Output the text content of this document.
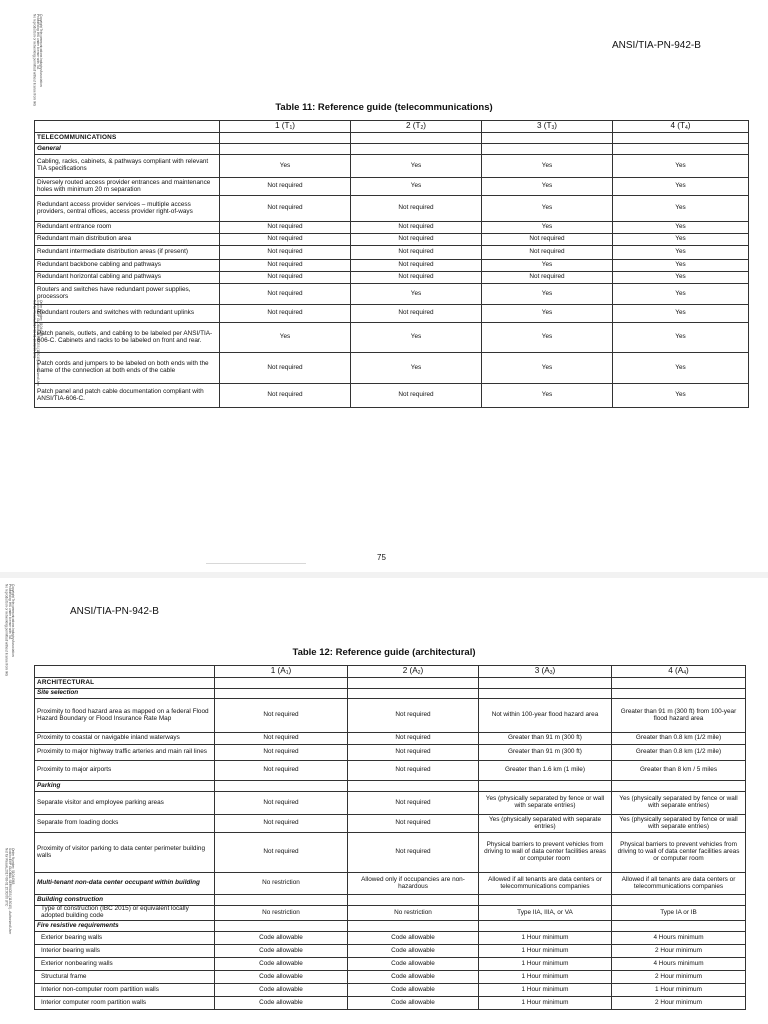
Copyright Telecommunications Industry Association
Provided by IHS under license with TIA
No reproduction or networking permitted without license from IHS
Order Number: 01044363
Sold to:EVP GLOBAL SERVICES [113010] - Authorized User
Not for Resale,2017-08-01 15:00:00 UTC
ANSI/TIA-PN-942-B
Table 11: Reference guide (telecommunications)
	1 $(T_1)$	2 $(T_2)$	3 $(T_3)$	4 $(T_4)$
TELECOMMUNICATIONS				
General				
Cabling, racks, cabinets, & pathways compliant with relevant TIA specifications	Yes	Yes	Yes	Yes
Diversely routed access provider entrances and maintenance holes with minimum 20 m separation	Not required	Yes	Yes	Yes
Redundant access provider services – multiple access providers, central offices, access provider right-of-ways	Not required	Not required	Yes	Yes
Redundant entrance room	Not required	Not required	Yes	Yes
Redundant main distribution area	Not required	Not required	Not required	Yes
Redundant intermediate distribution areas (if present)	Not required	Not required	Not required	Yes
Redundant backbone cabling and pathways	Not required	Not required	Yes	Yes
Redundant horizontal cabling and pathways	Not required	Not required	Not required	Yes
Routers and switches have redundant power supplies, processors	Not required	Yes	Yes	Yes
Redundant routers and switches with redundant uplinks	Not required	Not required	Yes	Yes
Patch panels, outlets, and cabling to be labeled per ANSI/TIA-606-C. Cabinets and racks to be labeled on front and rear.	Yes	Yes	Yes	Yes
Patch cords and jumpers to be labeled on both ends with the name of the connection at both ends of the cable	Not required	Yes	Yes	Yes
Patch panel and patch cable documentation compliant with ANSI/TIA-606-C.	Not required	Not required	Yes	Yes
75
Copyright Telecommunications Industry Association
Provided by IHS under license with TIA
No reproduction or networking permitted without license from IHS
Order Number: 01044363
Sold to:EVP GLOBAL SERVICES [113010] - Authorized User
Not for Resale,2017-08-01 15:00:00 UTC
ANSI/TIA-PN-942-B
Table 12: Reference guide (architectural)
	1 $(A_1)$	2 $(A_2)$	3 $(A_3)$	4 $(A_4)$
ARCHITECTURAL				
Site selection				
Proximity to flood hazard area as mapped on a federal Flood Hazard Boundary or Flood Insurance Rate Map	Not required	Not required	Not within 100-year flood hazard area	Greater than 91 m (300 ft) from 100-year flood hazard area
Proximity to coastal or navigable inland waterways	Not required	Not required	Greater than 91 m (300 ft)	Greater than 0.8 km (1/2 mile)
Proximity to major highway traffic arteries and main rail lines	Not required	Not required	Greater than 91 m (300 ft)	Greater than 0.8 km (1/2 mile)
Proximity to major airports	Not required	Not required	Greater than 1.6 km (1 mile)	Greater than 8 km / 5 miles
Parking				
Separate visitor and employee parking areas	Not required	Not required	Yes (physically separated by fence or wall with separate entries)	Yes (physically separated by fence or wall with separate entries)
Separate from loading docks	Not required	Not required	Yes (physically separated with separate entries)	Yes (physically separated by fence or wall with separate entries)
Proximity of visitor parking to data center perimeter building walls	Not required	Not required	Physical barriers to prevent vehicles from driving to wall of data center facilities areas or computer room	Physical barriers to prevent vehicles from driving to wall of data center facilities areas or computer room
Multi-tenant non-data center occupant within building	No restriction	Allowed only if occupancies are non-hazardous	Allowed if all tenants are data centers or telecommunications companies	Allowed if all tenants are data centers or telecommunications companies
Building construction				
Type of construction (IBC 2015) or equivalent locally adopted building code	No restriction	No restriction	Type IIA, IIIA, or VA	Type IA or IB
Fire resistive requirements				
Exterior bearing walls	Code allowable	Code allowable	1 Hour minimum	4 Hours minimum
Interior bearing walls	Code allowable	Code allowable	1 Hour minimum	2 Hour minimum
Exterior nonbearing walls	Code allowable	Code allowable	1 Hour minimum	4 Hours minimum
Structural frame	Code allowable	Code allowable	1 Hour minimum	2 Hour minimum
Interior non-computer room partition walls	Code allowable	Code allowable	1 Hour minimum	1 Hour minimum
Interior computer room partition walls	Code allowable	Code allowable	1 Hour minimum	2 Hour minimum
